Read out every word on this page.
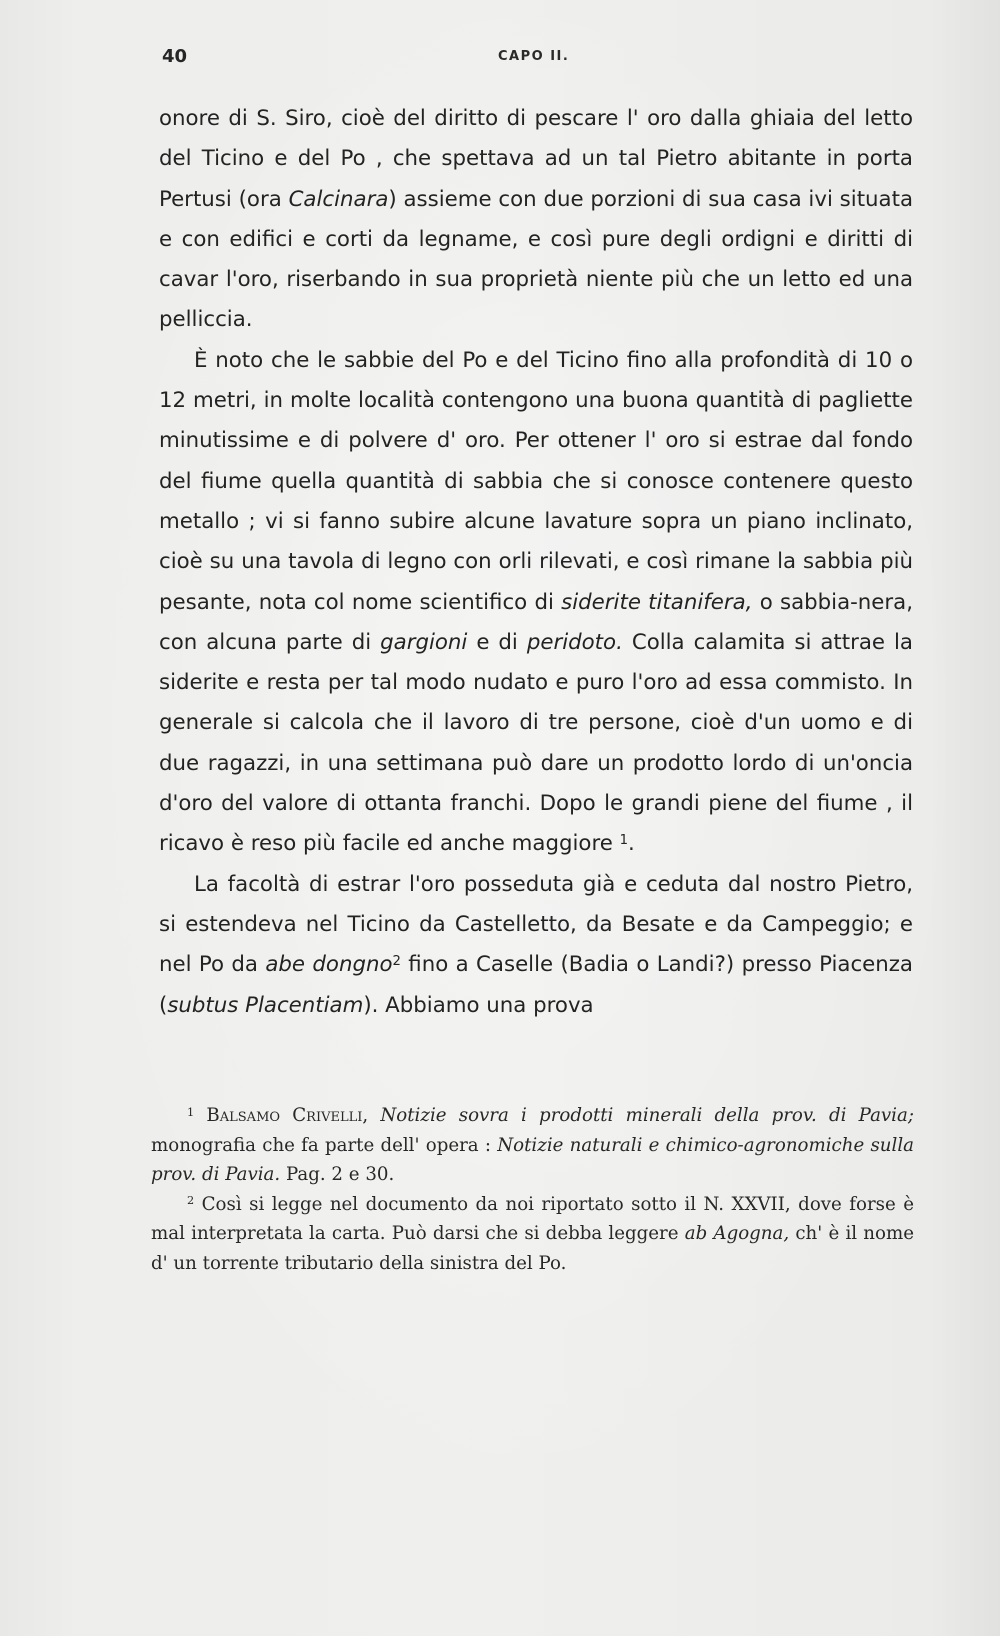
40	CAPO II.

onore di S. Siro, cioè del diritto di pescare l' oro dalla ghiaia del letto del Ticino e del Po , che spettava ad un tal Pietro abitante in porta Pertusi (ora Calcinara) assieme con due porzioni di sua casa ivi situata e con edifici e corti da legname, e così pure degli ordigni e diritti di cavar l'oro, riserbando in sua proprietà niente più che un letto ed una pelliccia.

È noto che le sabbie del Po e del Ticino fino alla profondità di 10 o 12 metri, in molte località contengono una buona quantità di pagliette minutissime e di polvere d' oro. Per ottener l' oro si estrae dal fondo del fiume quella quantità di sabbia che si conosce contenere questo metallo ; vi si fanno subire alcune lavature sopra un piano inclinato, cioè su una tavola di legno con orli rilevati, e così rimane la sabbia più pesante, nota col nome scientifico di siderite titanifera, o sabbia-nera, con alcuna parte di gargioni e di peridoto. Colla calamita si attrae la siderite e resta per tal modo nudato e puro l'oro ad essa commisto. In generale si calcola che il lavoro di tre persone, cioè d'un uomo e di due ragazzi, in una settimana può dare un prodotto lordo di un'oncia d'oro del valore di ottanta franchi. Dopo le grandi piene del fiume , il ricavo è reso più facile ed anche maggiore $^1$.

La facoltà di estrar l'oro posseduta già e ceduta dal nostro Pietro, si estendeva nel Ticino da Castelletto, da Besate e da Campeggio; e nel Po da abe dongno$^2$ fino a Caselle (Badia o Landi?) presso Piacenza (subtus Placentiam). Abbiamo una prova

$^1$ Balsamo Crivelli, Notizie sovra i prodotti minerali della prov. di Pavia; monografia che fa parte dell' opera : Notizie naturali e chimico-agronomiche sulla prov. di Pavia. Pag. 2 e 30.

$^2$ Così si legge nel documento da noi riportato sotto il N. XXVII, dove forse è mal interpretata la carta. Può darsi che si debba leggere ab Agogna, ch' è il nome d' un torrente tributario della sinistra del Po.
